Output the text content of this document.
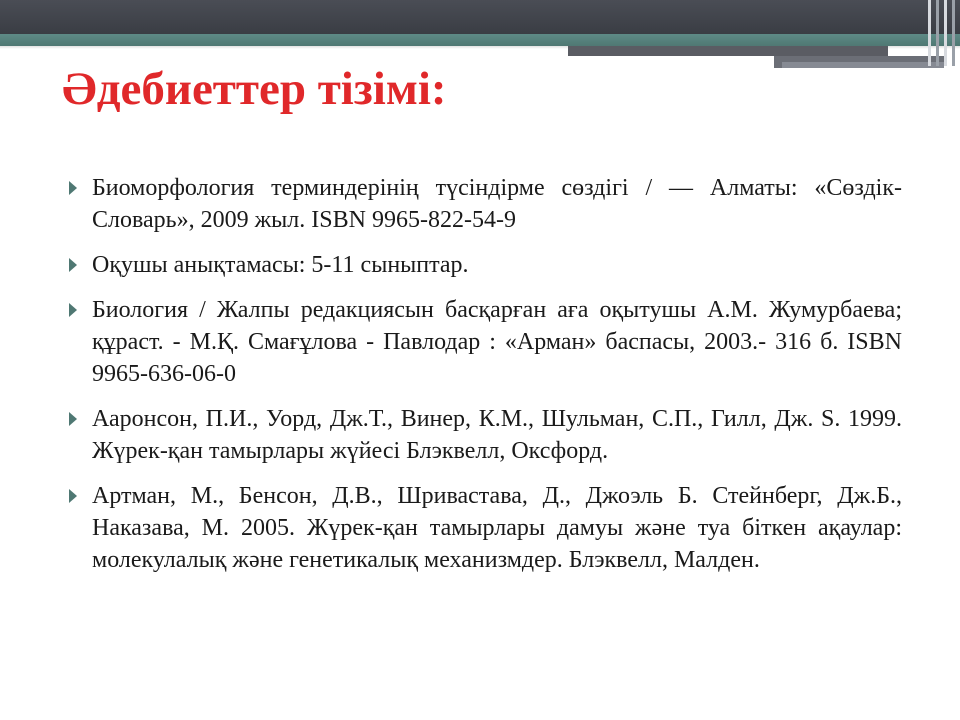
Әдебиеттер тізімі:
Биоморфология терминдерінің түсіндірме сөздігі / — Алматы: «Сөздік-Словарь», 2009 жыл. ISBN 9965-822-54-9
Оқушы анықтамасы: 5-11 сыныптар.
Биология / Жалпы редакциясын басқарған аға оқытушы А.М. Жумурбаева; құраст. - М.Қ. Смағұлова - Павлодар : «Арман» баспасы, 2003.- 316 б. ISBN 9965-636-06-0
Ааронсон, П.И., Уорд, Дж.Т., Винер, К.М., Шульман, С.П., Гилл, Дж. S. 1999. Жүрек-қан тамырлары жүйесі Блэквелл, Оксфорд.
Артман, М., Бенсон, Д.В., Шривастава, Д., Джоэль Б. Стейнберг, Дж.Б., Наказава, М. 2005. Жүрек-қан тамырлары дамуы және туа біткен ақаулар: молекулалық және генетикалық механизмдер. Блэквелл, Малден.
